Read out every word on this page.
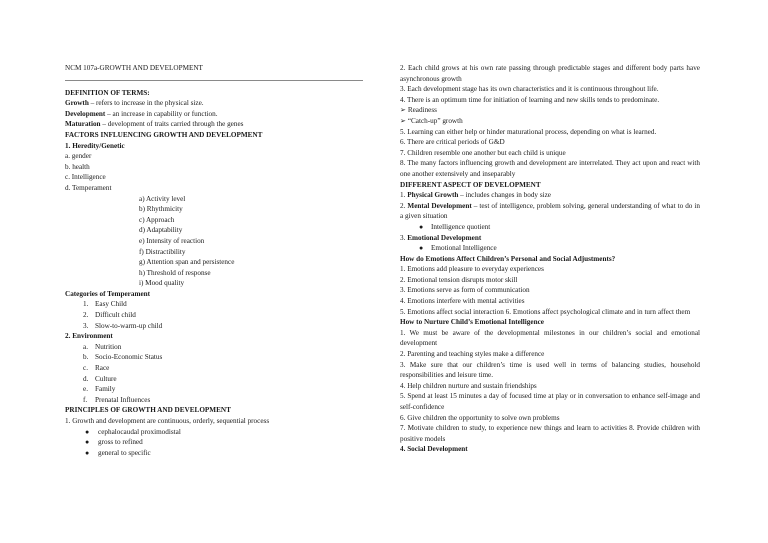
NCM 107a-GROWTH AND DEVELOPMENT
DEFINITION OF TERMS:
Growth – refers to increase in the physical size.
Development – an increase in capability or function.
Maturation – development of traits carried through the genes
FACTORS INFLUENCING GROWTH AND DEVELOPMENT
1. Heredity/Genetic
a. gender
b. health
c. Intelligence
d. Temperament
a) Activity level
b) Rhythmicity
c) Approach
d) Adaptability
e) Intensity of reaction
f) Distractibility
g) Attention span and persistence
h) Threshold of response
i) Mood quality
Categories of Temperament
1. Easy Child
2. Difficult child
3. Slow-to-warm-up child
2. Environment
a. Nutrition
b. Socio-Economic Status
c. Race
d. Culture
e. Family
f. Prenatal Influences
PRINCIPLES OF GROWTH AND DEVELOPMENT
1. Growth and development are continuous, orderly, sequential process
● cephalocaudal proximodistal
● gross to refined
● general to specific
2. Each child grows at his own rate passing through predictable stages and different body parts have asynchronous growth
3. Each development stage has its own characteristics and it is continuous throughout life.
4. There is an optimum time for initiation of learning and new skills tends to predominate.
➢ Readiness
➢ “Catch-up” growth
5. Learning can either help or hinder maturational process, depending on what is learned.
6. There are critical periods of G&D
7. Children resemble one another but each child is unique
8. The many factors influencing growth and development are interrelated. They act upon and react with one another extensively and inseparably
DIFFERENT ASPECT OF DEVELOPMENT
1. Physical Growth – includes changes in body size
2. Mental Development – test of intelligence, problem solving, general understanding of what to do in a given situation
● Intelligence quotient
3. Emotional Development
● Emotional Intelligence
How do Emotions Affect Children’s Personal and Social Adjustments?
1. Emotions add pleasure to everyday experiences
2. Emotional tension disrupts motor skill
3. Emotions serve as form of communication
4. Emotions interfere with mental activities
5. Emotions affect social interaction 6. Emotions affect psychological climate and in turn affect them
How to Nurture Child’s Emotional Intelligence
1. We must be aware of the developmental milestones in our children’s social and emotional development
2. Parenting and teaching styles make a difference
3. Make sure that our children’s time is used well in terms of balancing studies, household responsibilities and leisure time.
4. Help children nurture and sustain friendships
5. Spend at least 15 minutes a day of focused time at play or in conversation to enhance self-image and self-confidence
6. Give children the opportunity to solve own problems
7. Motivate children to study, to experience new things and learn to activities 8. Provide children with positive models
4. Social Development
